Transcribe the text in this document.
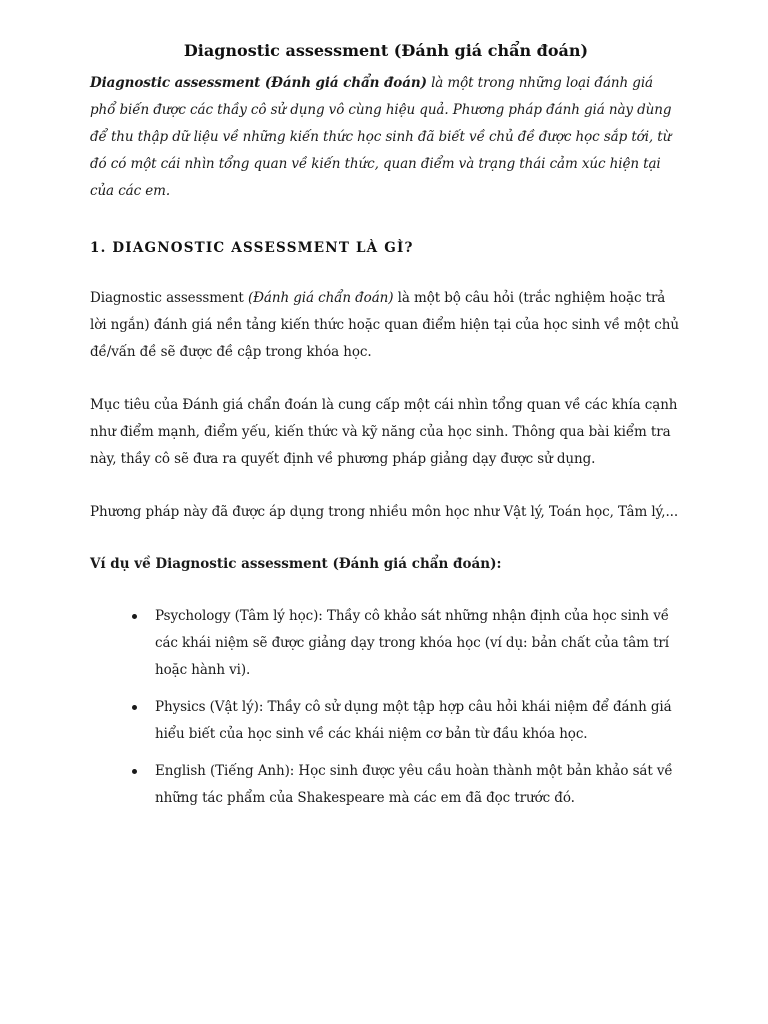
Diagnostic assessment (Đánh giá chẩn đoán)

Diagnostic assessment (Đánh giá chẩn đoán) là một trong những loại đánh giá phổ biến được các thầy cô sử dụng vô cùng hiệu quả. Phương pháp đánh giá này dùng để thu thập dữ liệu về những kiến thức học sinh đã biết về chủ đề được học sắp tới, từ đó có một cái nhìn tổng quan về kiến thức, quan điểm và trạng thái cảm xúc hiện tại của các em.

1. DIAGNOSTIC ASSESSMENT LÀ GÌ?

Diagnostic assessment (Đánh giá chẩn đoán) là một bộ câu hỏi (trắc nghiệm hoặc trả lời ngắn) đánh giá nền tảng kiến thức hoặc quan điểm hiện tại của học sinh về một chủ đề/vấn đề sẽ được đề cập trong khóa học.

Mục tiêu của Đánh giá chẩn đoán là cung cấp một cái nhìn tổng quan về các khía cạnh như điểm mạnh, điểm yếu, kiến thức và kỹ năng của học sinh. Thông qua bài kiểm tra này, thầy cô sẽ đưa ra quyết định về phương pháp giảng dạy được sử dụng.

Phương pháp này đã được áp dụng trong nhiều môn học như Vật lý, Toán học, Tâm lý,...

Ví dụ về Diagnostic assessment (Đánh giá chẩn đoán):

Psychology (Tâm lý học): Thầy cô khảo sát những nhận định của học sinh về các khái niệm sẽ được giảng dạy trong khóa học (ví dụ: bản chất của tâm trí hoặc hành vi).
Physics (Vật lý): Thầy cô sử dụng một tập hợp câu hỏi khái niệm để đánh giá hiểu biết của học sinh về các khái niệm cơ bản từ đầu khóa học.
English (Tiếng Anh): Học sinh được yêu cầu hoàn thành một bản khảo sát về những tác phẩm của Shakespeare mà các em đã đọc trước đó.
